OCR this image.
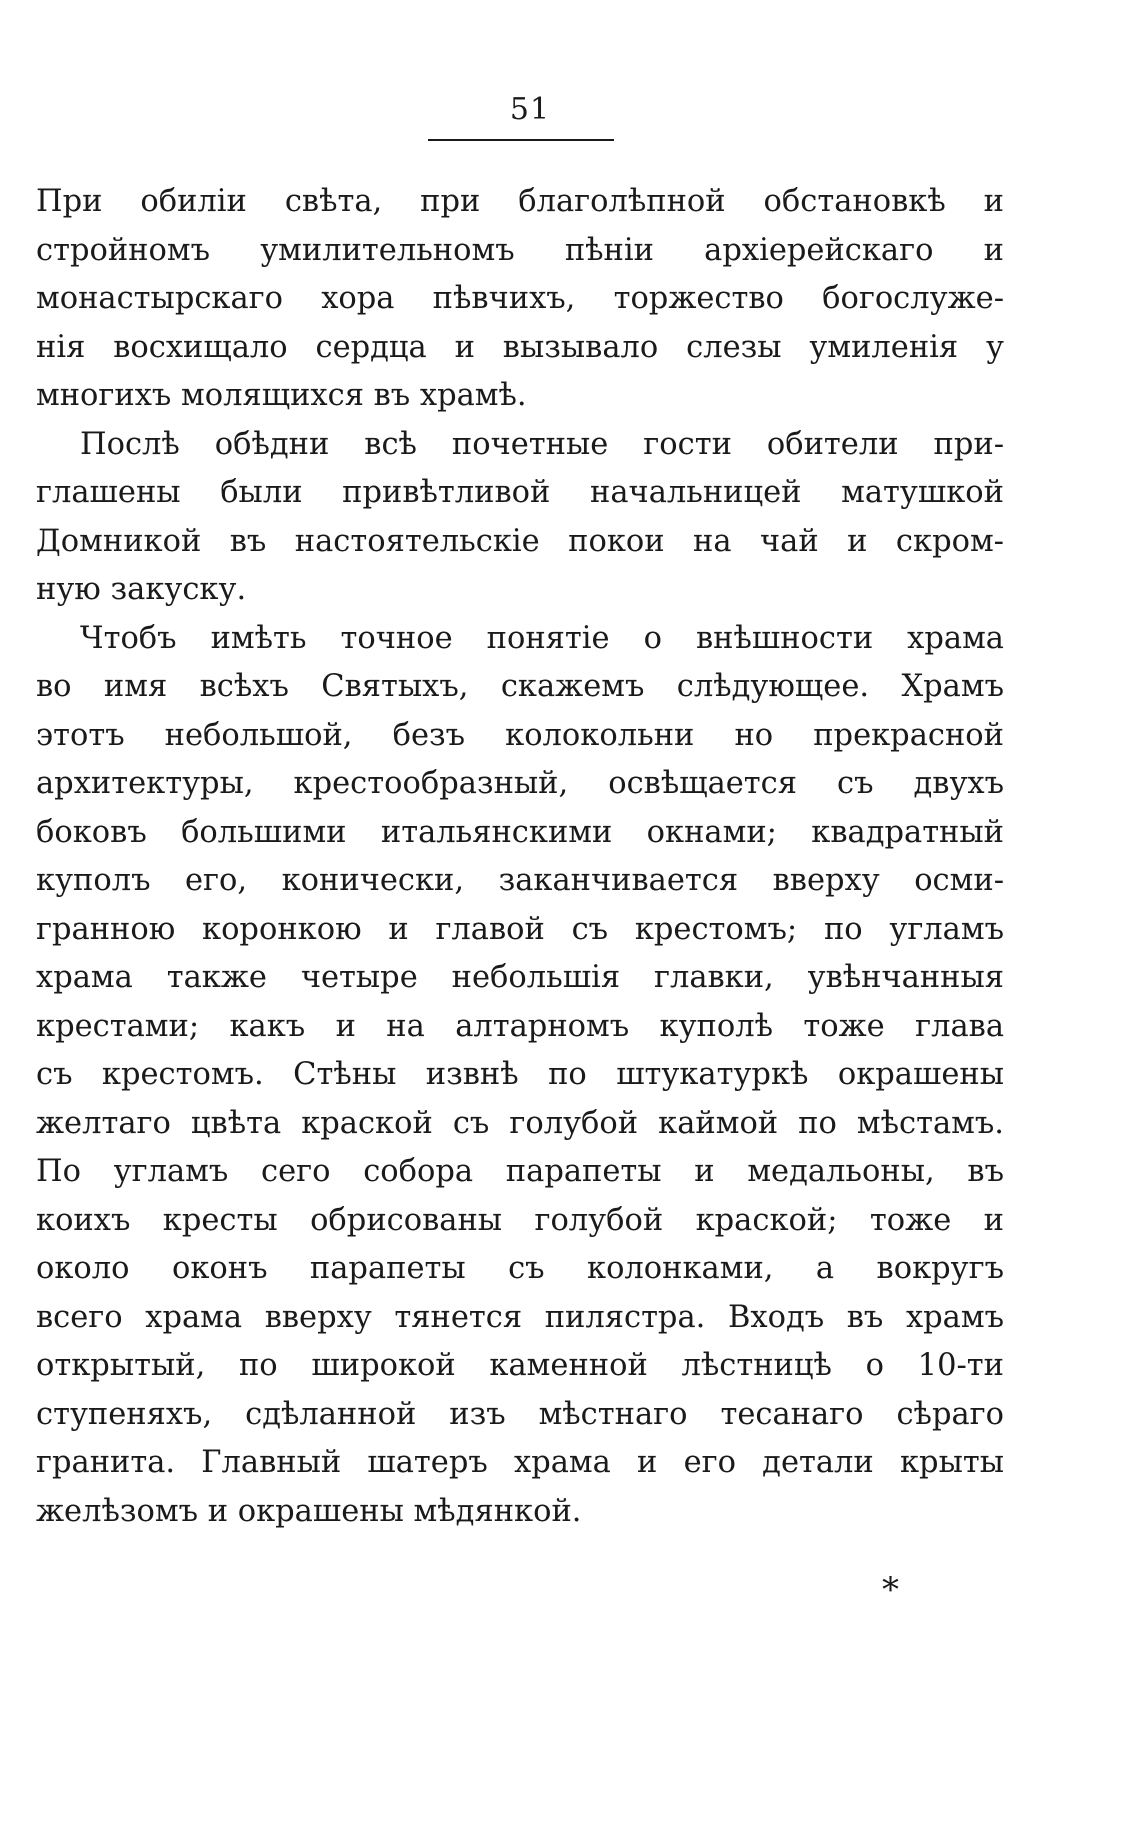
51
При обиліи свѣта, при благолѣпной обстановкѣ и
стройномъ умилительномъ пѣніи архіерейскаго и
монастырскаго хора пѣвчихъ, торжество богослуже-
нія восхищало сердца и вызывало слезы умиленія у
многихъ молящихся въ храмѣ.
Послѣ обѣдни всѣ почетные гости обители при-
глашены были привѣтливой начальницей матушкой
Домникой въ настоятельскіе покои на чай и скром-
ную закуску.
Чтобъ имѣть точное понятіе о внѣшности храма
во имя всѣхъ Святыхъ, скажемъ слѣдующее. Храмъ
этотъ небольшой, безъ колокольни но прекрасной
архитектуры, крестообразный, освѣщается съ двухъ
боковъ большими итальянскими окнами; квадратный
куполъ его, конически, заканчивается вверху осми-
гранною коронкою и главой съ крестомъ; по угламъ
храма также четыре небольшія главки, увѣнчанныя
крестами; какъ и на алтарномъ куполѣ тоже глава
съ крестомъ. Стѣны извнѣ по штукатуркѣ окрашены
желтаго цвѣта краской съ голубой каймой по мѣстамъ.
По угламъ сего собора парапеты и медальоны, въ
коихъ кресты обрисованы голубой краской; тоже и
около оконъ парапеты съ колонками, а вокругъ
всего храма вверху тянется пилястра. Входъ въ храмъ
открытый, по широкой каменной лѣстницѣ о 10-ти
ступеняхъ, сдѣланной изъ мѣстнаго тесанаго сѣраго
гранита. Главный шатеръ храма и его детали крыты
желѣзомъ и окрашены мѣдянкой.
*
